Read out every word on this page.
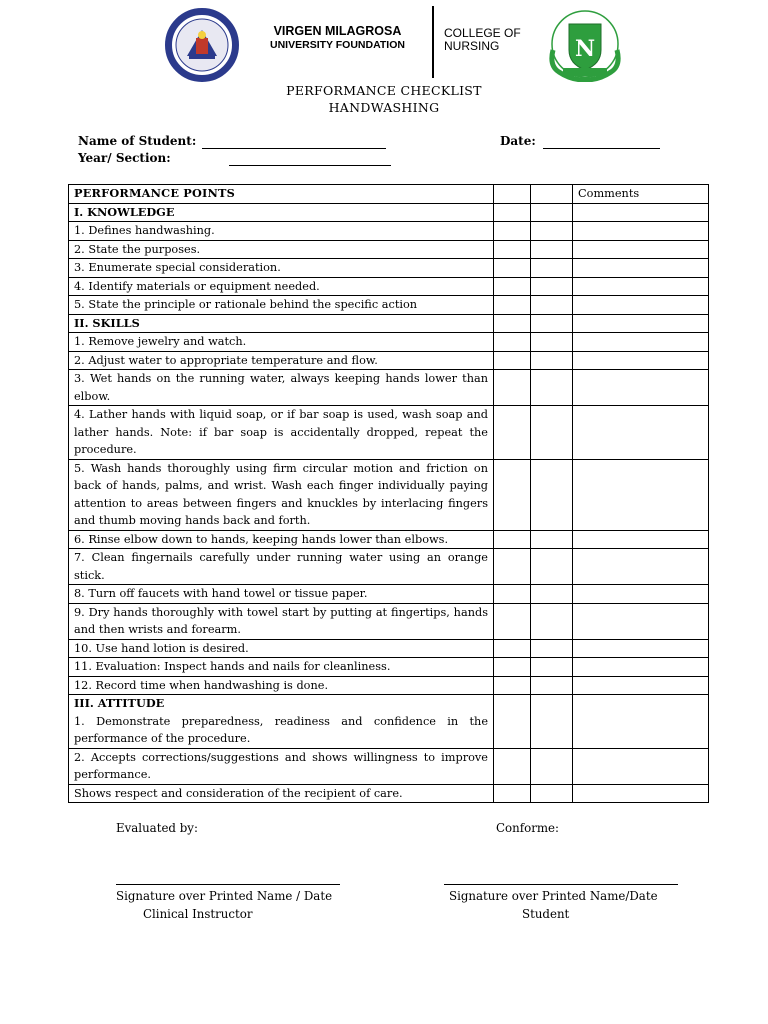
VIRGEN MILAGROSA
UNIVERSITY FOUNDATION
COLLEGE OF
NURSING	N
PERFORMANCE CHECKLIST
HANDWASHING
Name of Student:	Date:
Year/ Section:
PERFORMANCE POINTS			Comments
I. KNOWLEDGE			
1. Defines handwashing.			
2. State the purposes.			
3. Enumerate special consideration.			
4. Identify materials or equipment needed.			
5. State the principle or rationale behind the specific action			
II. SKILLS			
1. Remove jewelry and watch.			
2. Adjust water to appropriate temperature and flow.			
3. Wet hands on the running water, always keeping hands lower than elbow.			
4. Lather hands with liquid soap, or if bar soap is used, wash soap and lather hands. Note: if bar soap is accidentally dropped, repeat the procedure.			
5. Wash hands thoroughly using firm circular motion and friction on back of hands, palms, and wrist. Wash each finger individually paying attention to areas between fingers and knuckles by interlacing fingers and thumb moving hands back and forth.			
6. Rinse elbow down to hands, keeping hands lower than elbows.			
7. Clean fingernails carefully under running water using an orange stick.			
8. Turn off faucets with hand towel or tissue paper.			
9. Dry hands thoroughly with towel start by putting at fingertips, hands and then wrists and forearm.			
10. Use hand lotion is desired.			
11. Evaluation: Inspect hands and nails for cleanliness.			
12. Record time when handwashing is done.			

III. ATTITUDE
1. Demonstrate preparedness, readiness and confidence in the performance of the procedure.			

2. Accepts corrections/suggestions and shows willingness to improve performance.			
Shows respect and consideration of the recipient of care.			
Evaluated by:	Conforme:
Signature over Printed Name / Date
Clinical Instructor
Signature over Printed Name/Date
Student
